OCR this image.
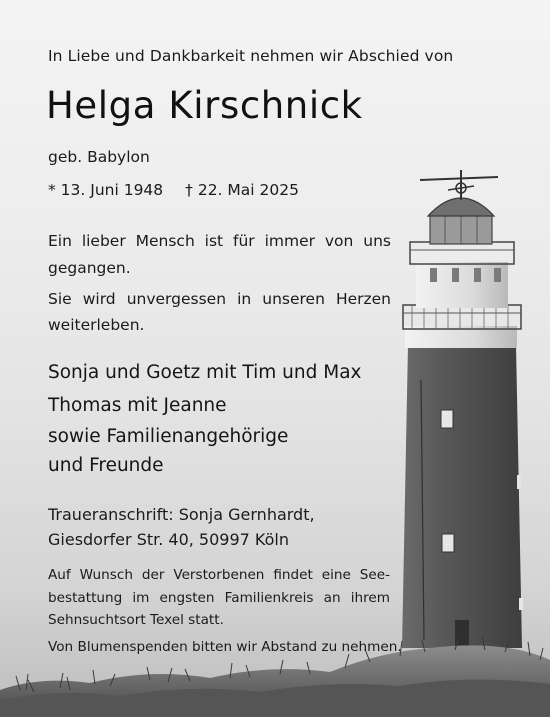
In Liebe und Dankbarkeit nehmen wir Abschied von
Helga Kirschnick
geb. Babylon
* 13. Juni 1948 † 22. Mai 2025
Ein lieber Mensch ist für immer von uns
gegangen.
Sie wird unvergessen in unseren Herzen
weiterleben.
Sonja und Goetz mit Tim und Max
Thomas mit Jeanne
sowie Familienangehörige
und Freunde
Traueranschrift: Sonja Gernhardt,
Giesdorfer Str. 40, 50997 Köln
Auf Wunsch der Verstorbenen findet eine See-
bestattung im engsten Familienkreis an ihrem
Sehnsuchtsort Texel statt.
Von Blumenspenden bitten wir Abstand zu nehmen.
